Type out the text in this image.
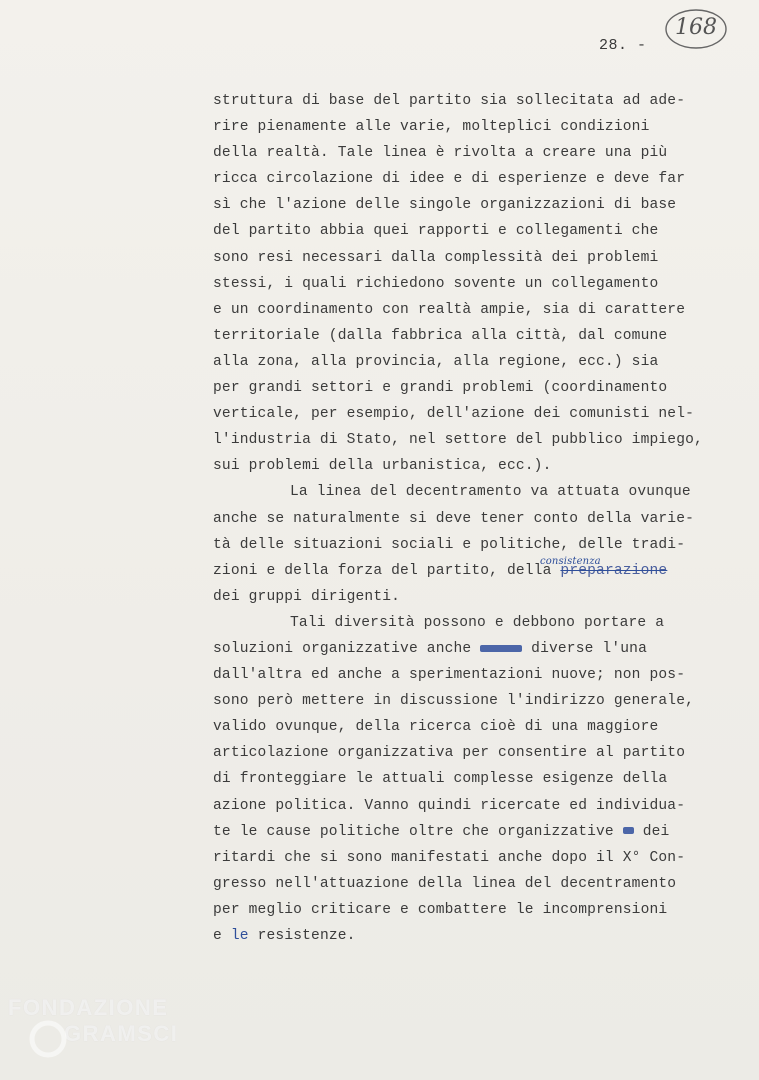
28. -
168
struttura di base del partito sia sollecitata ad ade-
rire pienamente alle varie, molteplici condizioni
della realtà. Tale linea è rivolta a creare una più
ricca circolazione di idee e di esperienze e deve far
sì che l'azione delle singole organizzazioni di base
del partito abbia quei rapporti e collegamenti che
sono resi necessari dalla complessità dei problemi
stessi, i quali richiedono sovente un collegamento
e un coordinamento con realtà ampie, sia di carattere
territoriale (dalla fabbrica alla città, dal comune
alla zona, alla provincia, alla regione, ecc.) sia
per grandi settori e grandi problemi (coordinamento
verticale, per esempio, dell'azione dei comunisti nel-
l'industria di Stato, nel settore del pubblico impiego,
sui problemi della urbanistica, ecc.).
La linea del decentramento va attuata ovunque
anche se naturalmente si deve tener conto della varie-
tà delle situazioni sociali e politiche, delle tradi-
zioni e della forza del partito, della preparazione
consistenza
dei gruppi dirigenti.
Tali diversità possono e debbono portare a
soluzioni organizzative anche	diverse l'una
dall'altra ed anche a sperimentazioni nuove; non pos-
sono però mettere in discussione l'indirizzo generale,
valido ovunque, della ricerca cioè di una maggiore
articolazione organizzativa per consentire al partito
di fronteggiare le attuali complesse esigenze della
azione politica. Vanno quindi ricercate ed individua-
te le cause politiche oltre che organizzative dei
ritardi che si sono manifestati anche dopo il X° Con-
gresso nell'attuazione della linea del decentramento
per meglio criticare e combattere le incomprensioni
e le resistenze.
FONDAZIONE
GRAMSCI
